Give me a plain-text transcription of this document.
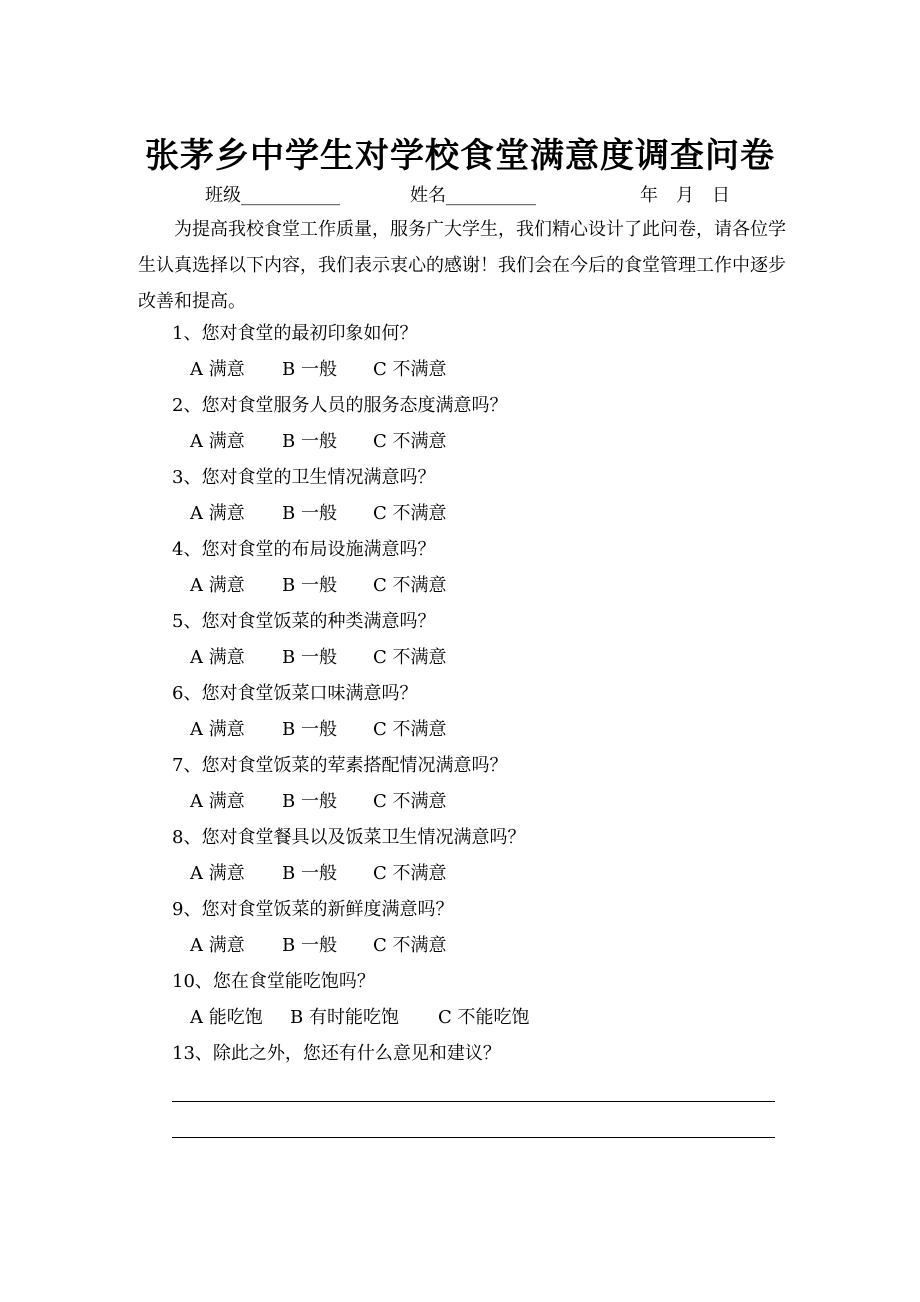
张茅乡中学生对学校食堂满意度调查问卷
班级___________	姓名__________	年　月　日
为提高我校食堂工作质量，服务广大学生，我们精心设计了此问卷，请各位学生认真选择以下内容，我们表示衷心的感谢！我们会在今后的食堂管理工作中逐步改善和提高。
1、您对食堂的最初印象如何？
A 满意 B 一般 C 不满意
2、您对食堂服务人员的服务态度满意吗？
A 满意 B 一般 C 不满意
3、您对食堂的卫生情况满意吗？
A 满意 B 一般 C 不满意
4、您对食堂的布局设施满意吗？
A 满意 B 一般 C 不满意
5、您对食堂饭菜的种类满意吗？
A 满意 B 一般 C 不满意
6、您对食堂饭菜口味满意吗？
A 满意 B 一般 C 不满意
7、您对食堂饭菜的荤素搭配情况满意吗？
A 满意 B 一般 C 不满意
8、您对食堂餐具以及饭菜卫生情况满意吗？
A 满意 B 一般 C 不满意
9、您对食堂饭菜的新鲜度满意吗？
A 满意 B 一般 C 不满意
10、您在食堂能吃饱吗？
A 能吃饱 B 有时能吃饱 C 不能吃饱
13、除此之外，您还有什么意见和建议？
